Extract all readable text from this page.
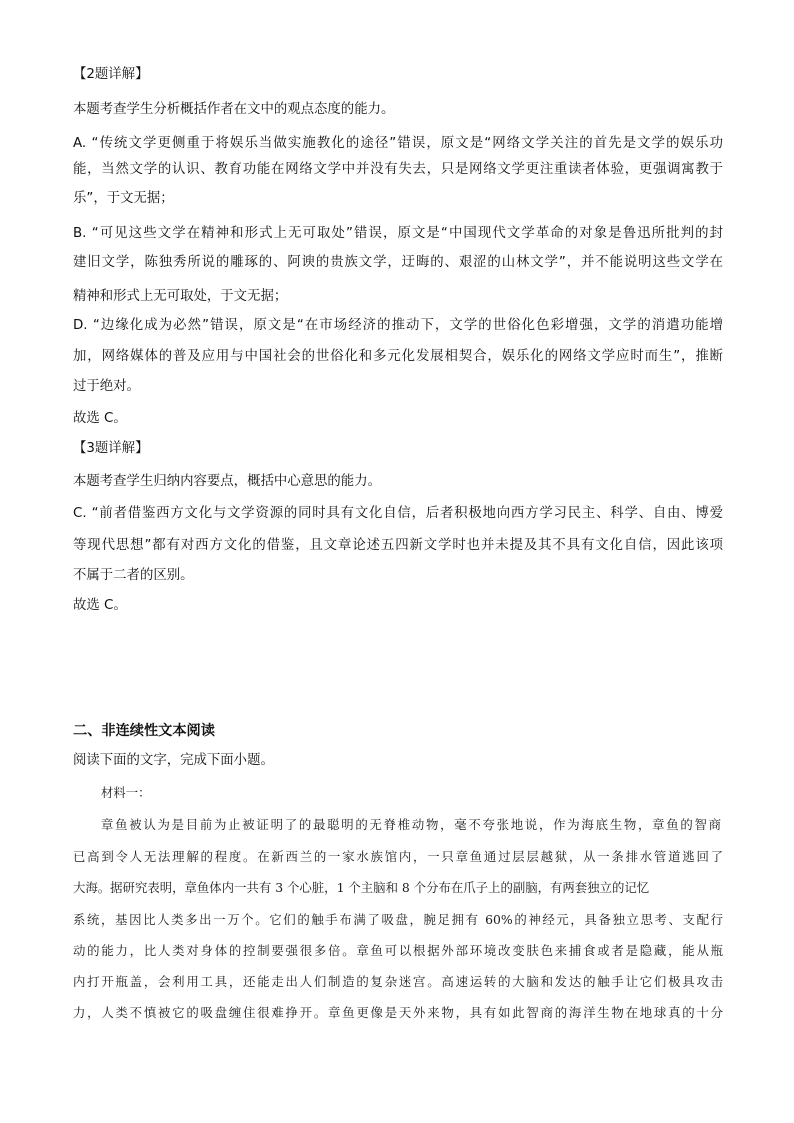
【2题详解】
本题考查学生分析概括作者在文中的观点态度的能力。
A. “传统文学更侧重于将娱乐当做实施教化的途径”错误，原文是“网络文学关注的首先是文学的娱乐功
能，当然文学的认识、教育功能在网络文学中并没有失去，只是网络文学更注重读者体验，更强调寓教于
乐”，于文无据；
B. “可见这些文学在精神和形式上无可取处”错误，原文是“中国现代文学革命的对象是鲁迅所批判的封
建旧文学，陈独秀所说的雕琢的、阿谀的贵族文学，迂晦的、艰涩的山林文学”，并不能说明这些文学在
精神和形式上无可取处，于文无据；
D. “边缘化成为必然”错误，原文是“在市场经济的推动下，文学的世俗化色彩增强，文学的消遣功能增
加，网络媒体的普及应用与中国社会的世俗化和多元化发展相契合，娱乐化的网络文学应时而生”，推断
过于绝对。
故选 C。
【3题详解】
本题考查学生归纳内容要点，概括中心意思的能力。
C. “前者借鉴西方文化与文学资源的同时具有文化自信，后者积极地向西方学习民主、科学、自由、博爱
等现代思想”都有对西方文化的借鉴，且文章论述五四新文学时也并未提及其不具有文化自信，因此该项
不属于二者的区别。
故选 C。
二、非连续性文本阅读
阅读下面的文字，完成下面小题。
材料一：
章鱼被认为是目前为止被证明了的最聪明的无脊椎动物，毫不夸张地说，作为海底生物，章鱼的智商
已高到令人无法理解的程度。在新西兰的一家水族馆内，一只章鱼通过层层越狱，从一条排水管道逃回了
大海。据研究表明，章鱼体内一共有 3 个心脏，1 个主脑和 8 个分布在爪子上的副脑，有两套独立的记忆
系统，基因比人类多出一万个。它们的触手布满了吸盘，腕足拥有 60%的神经元，具备独立思考、支配行
动的能力，比人类对身体的控制要强很多倍。章鱼可以根据外部环境改变肤色来捕食或者是隐藏，能从瓶
内打开瓶盖，会利用工具，还能走出人们制造的复杂迷宫。高速运转的大脑和发达的触手让它们极具攻击
力，人类不慎被它的吸盘缠住很难挣开。章鱼更像是天外来物，具有如此智商的海洋生物在地球真的十分
